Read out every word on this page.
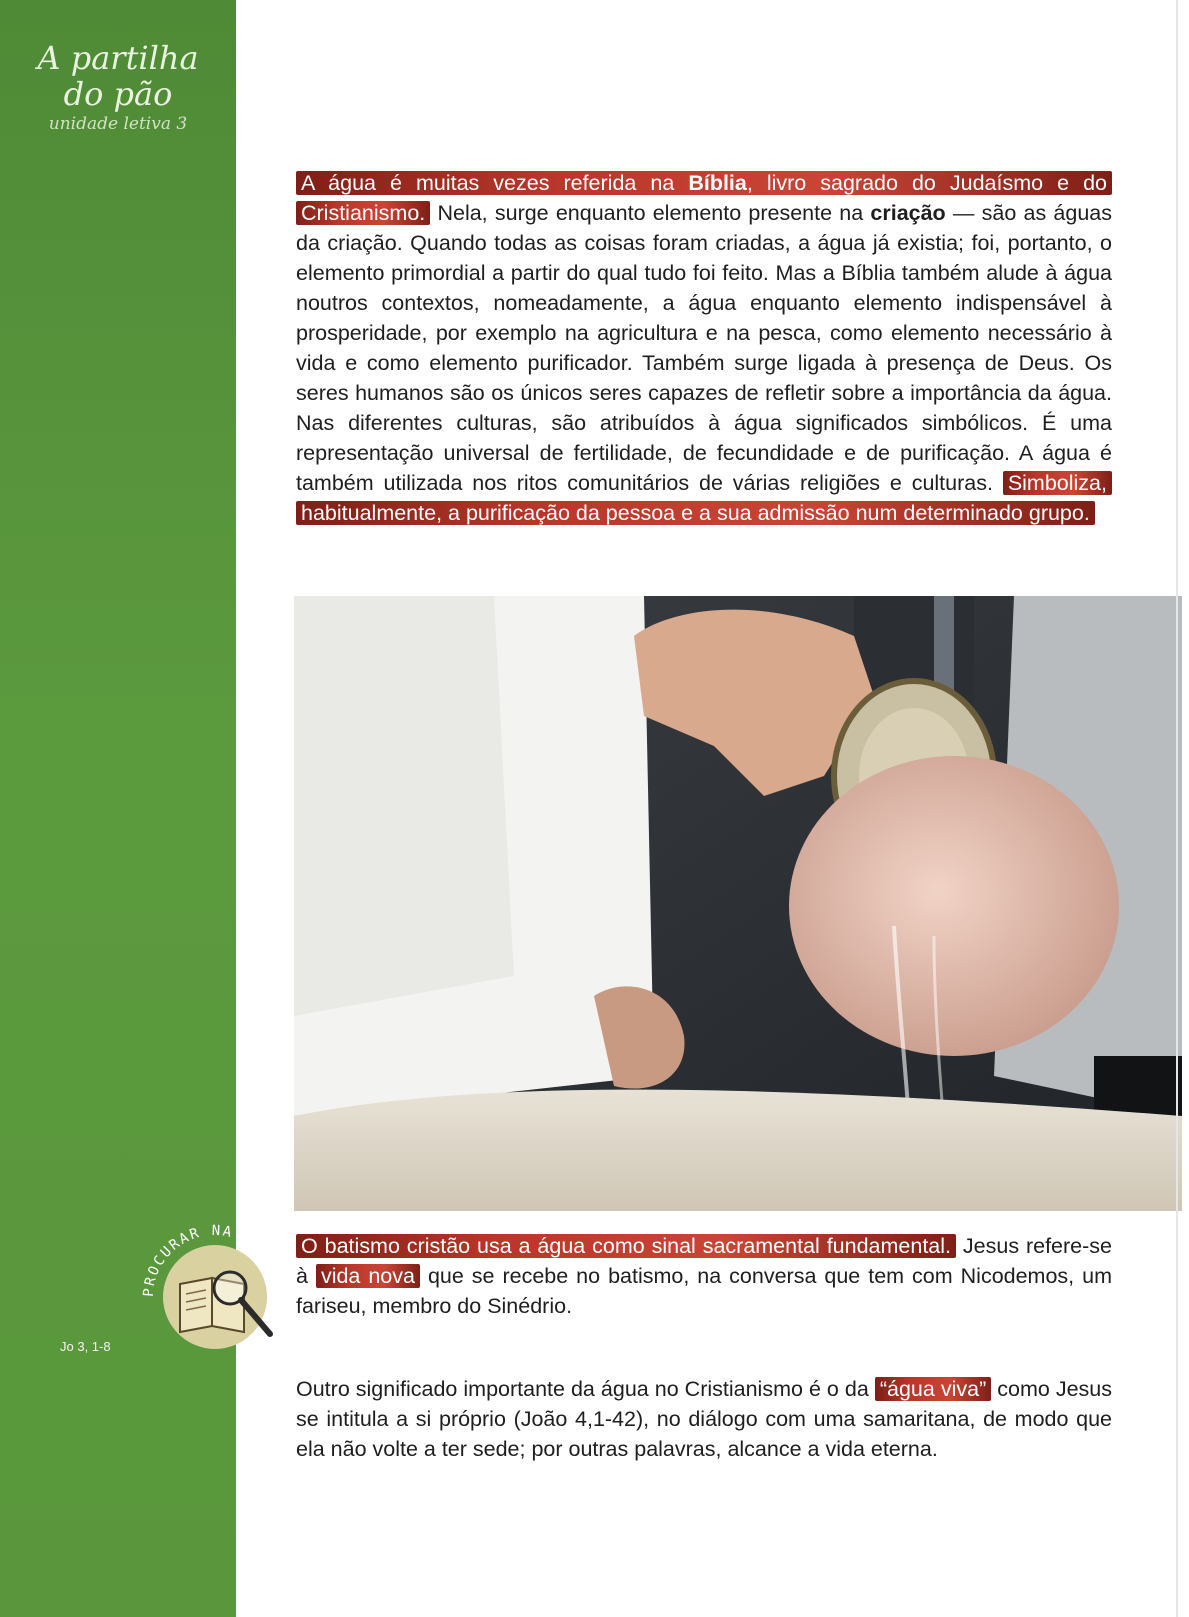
A partilha
do pão
unidade letiva 3
Jo 3, 1-8
PROCURAR NA BÍBLIA
A água é muitas vezes referida na Bíblia, livro sagrado do Judaísmo e do Cristianismo. Nela, surge enquanto elemento presente na criação — são as águas da criação. Quando todas as coisas foram criadas, a água já existia; foi, portanto, o elemento primordial a partir do qual tudo foi feito. Mas a Bíblia também alude à água noutros contextos, nomeadamente, a água enquanto elemento indispensável à prosperidade, por exemplo na agricultura e na pesca, como elemento necessário à vida e como elemento purificador. Também surge ligada à presença de Deus. Os seres humanos são os únicos seres capazes de refletir sobre a importância da água. Nas diferentes culturas, são atribuídos à água significados simbólicos. É uma representação universal de fertilidade, de fecundidade e de purificação. A água é também utilizada nos ritos comunitários de várias religiões e culturas. Simboliza, habitualmente, a purificação da pessoa e a sua admissão num determinado grupo.
O batismo cristão usa a água como sinal sacramental fundamental. Jesus refere-se à vida nova que se recebe no batismo, na conversa que tem com Nicodemos, um fariseu, membro do Sinédrio.
Outro significado importante da água no Cristianismo é o da “água viva” como Jesus se intitula a si próprio (João 4,1-42), no diálogo com uma samaritana, de modo que ela não volte a ter sede; por outras palavras, alcance a vida eterna.
